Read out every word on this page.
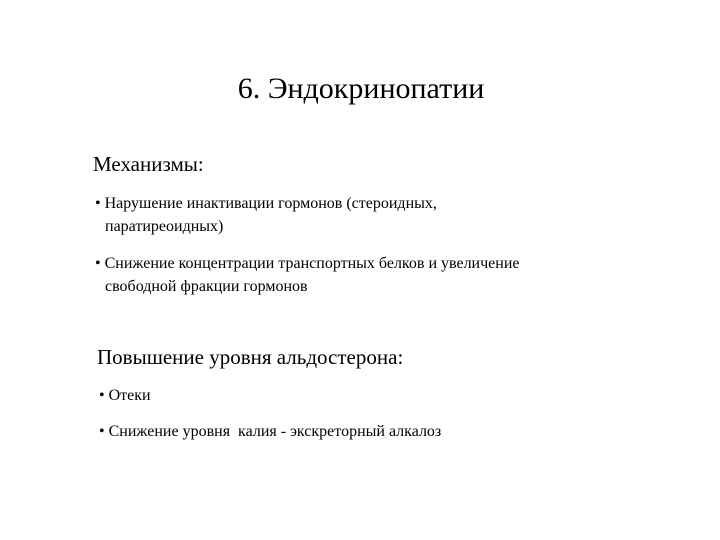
6. Эндокринопатии
Механизмы:
• Нарушение инактивации гормонов (стероидных,
паратиреоидных)
• Снижение концентрации транспортных белков и увеличение
свободной фракции гормонов
Повышение уровня альдостерона:
• Отеки
• Снижение уровня  калия - экскреторный алкалоз
